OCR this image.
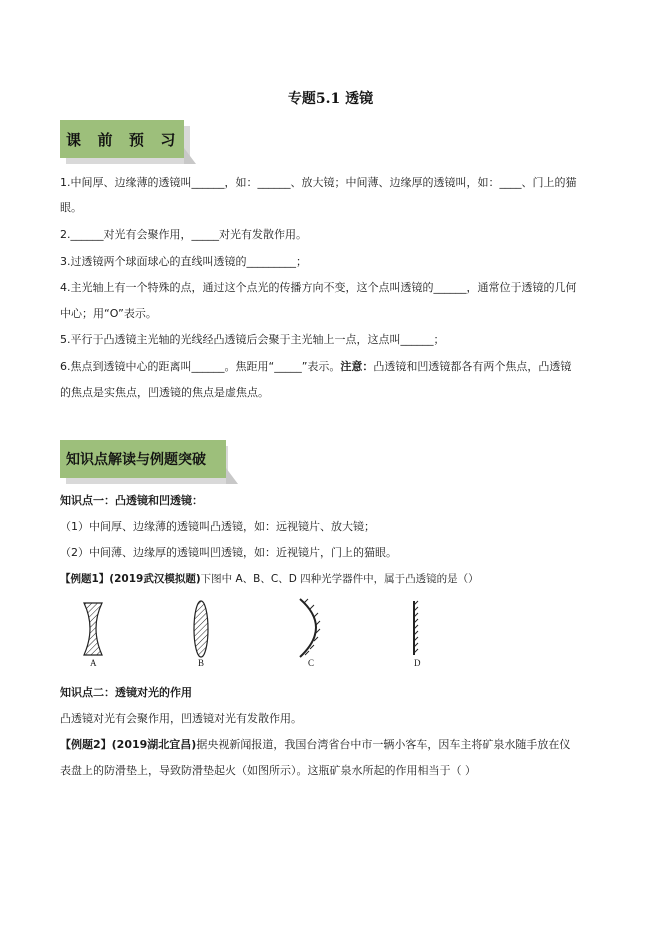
专题5.1 透镜
课  前  预  习
1.中间厚、边缘薄的透镜叫______，如：______、放大镜；中间薄、边缘厚的透镜叫，如：____、门上的猫
眼。
2.______对光有会聚作用，_____对光有发散作用。
3.过透镜两个球面球心的直线叫透镜的_________；
4.主光轴上有一个特殊的点，通过这个点光的传播方向不变，这个点叫透镜的______，通常位于透镜的几何
中心；用“O”表示。
5.平行于凸透镜主光轴的光线经凸透镜后会聚于主光轴上一点，这点叫______；
6.焦点到透镜中心的距离叫______。焦距用“_____”表示。注意：凸透镜和凹透镜都各有两个焦点，凸透镜
的焦点是实焦点，凹透镜的焦点是虚焦点。
知识点解读与例题突破
知识点一：凸透镜和凹透镜：
（1）中间厚、边缘薄的透镜叫凸透镜，如：远视镜片、放大镜；
（2）中间薄、边缘厚的透镜叫凹透镜，如：近视镜片，门上的猫眼。
【例题1】(2019武汉模拟题)下图中 A、B、C、D 四种光学器件中，属于凸透镜的是（）
A	B	C	D
知识点二：透镜对光的作用
凸透镜对光有会聚作用，凹透镜对光有发散作用。
【例题2】(2019湖北宜昌)据央视新闻报道，我国台湾省台中市一辆小客车，因车主将矿泉水随手放在仪
表盘上的防滑垫上，导致防滑垫起火（如图所示）。这瓶矿泉水所起的作用相当于（ ）
